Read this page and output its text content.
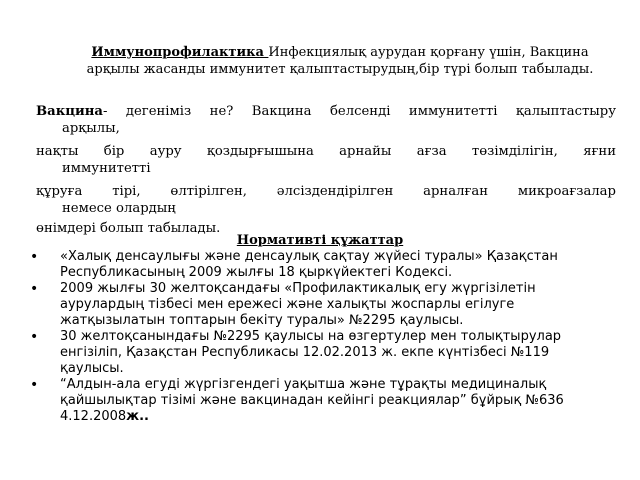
Иммунопрофилактика Инфекциялық аурудан қорғану үшін, Вакцина арқылы жасанды иммунитет қалыптастырудың,бір түрі болып табылады.
Вакцина- дегеніміз не? Вакцина белсенді иммунитетті қалыптастыру
арқылы,
нақты бір ауру қоздырғышына арнайы ағза төзімділігін, яғни
иммунитетті
құруға тірі, өлтірілген, әлсіздендірілген арналған микроағзалар
немесе олардың
өнімдері болып табылады.
Нормативті құжаттар
• «Халық денсаулығы және денсаулық сақтау жүйесі туралы» Қазақстан Республикасының 2009 жылғы 18 қыркүйектегі Кодексі.
• 2009 жылғы 30 желтоқсандағы «Профилактикалық егу жүргізілетін аурулардың тізбесі мен ережесі және халықты жоспарлы егілуге жатқызылатын топтарын бекіту туралы» №2295 қаулысы.
• 30 желтоқсанындағы №2295 қаулысы на өзгертулер мен толықтырулар енгізіліп, Қазақстан Республикасы 12.02.2013 ж. екпе күнтізбесі №119 қаулысы.
• “Алдын-ала егуді жүргізгендегі уақытша және тұрақты медициналық қайшылықтар тізімі және вакцинадан кейінгі реакциялар” бұйрық №636 4.12.2008ж..
